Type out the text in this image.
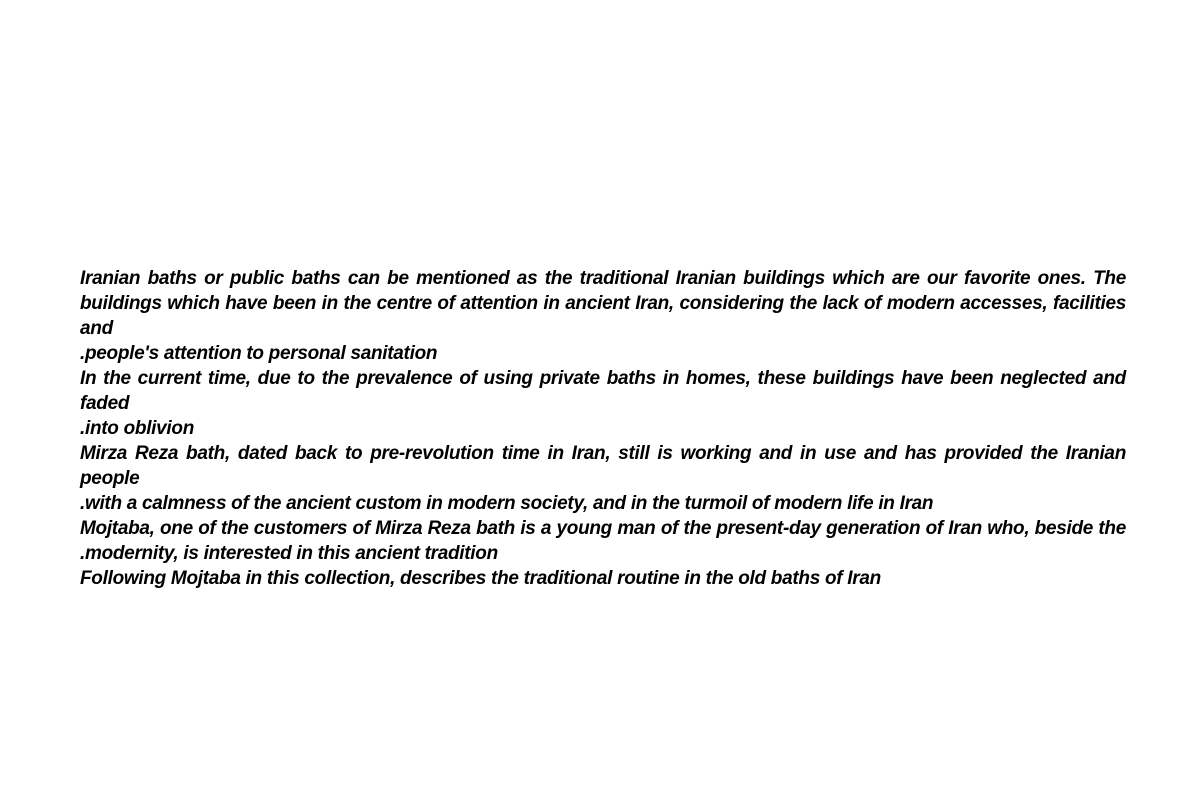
Iranian baths or public baths can be mentioned as the traditional Iranian buildings which are our favorite ones. The
buildings which have been in the centre of attention in ancient Iran, considering the lack of modern accesses, facilities and
.people's attention to personal sanitation

In the current time, due to the prevalence of using private baths in homes, these buildings have been neglected and faded
.into oblivion

Mirza Reza bath, dated back to pre-revolution time in Iran, still is working and in use and has provided the Iranian people
.with a calmness of the ancient custom in modern society, and in the turmoil of modern life in Iran

Mojtaba, one of the customers of Mirza Reza bath is a young man of the present-day generation of Iran who, beside the
.modernity, is interested in this ancient tradition

Following Mojtaba in this collection, describes the traditional routine in the old baths of Iran
